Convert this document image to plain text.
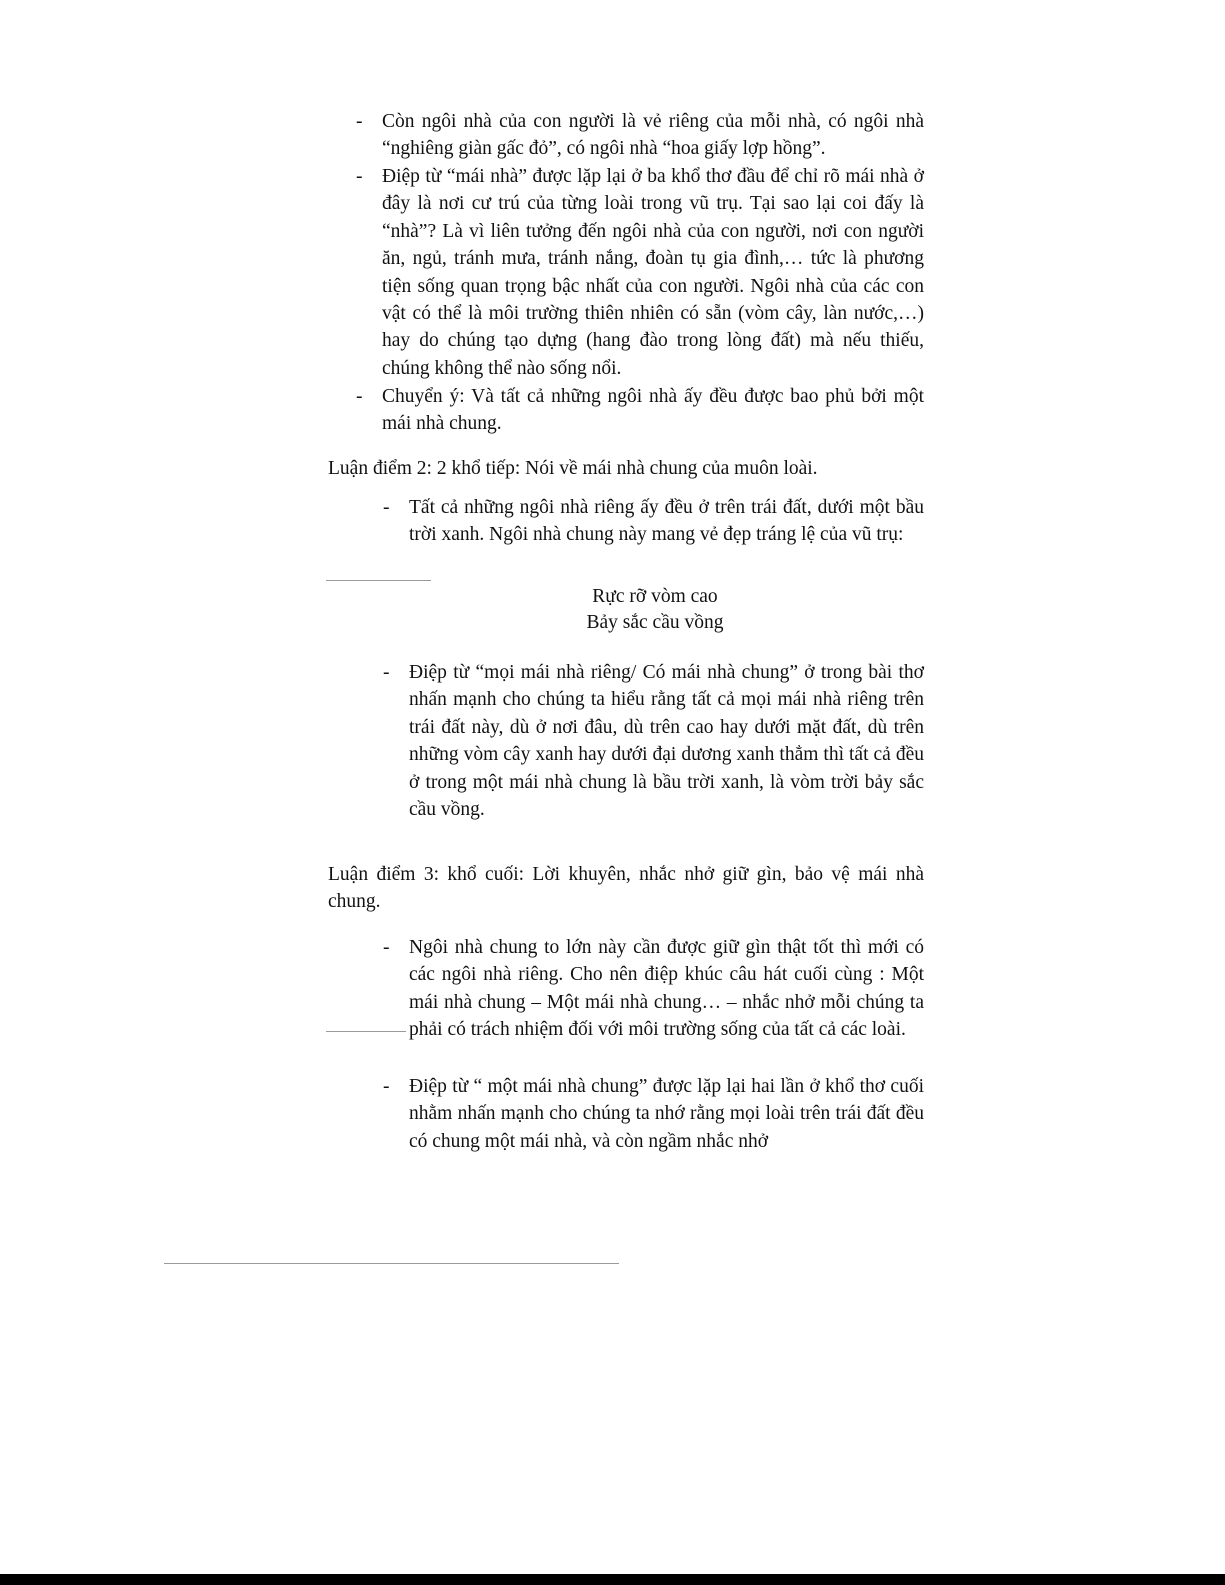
- Còn ngôi nhà của con người là vẻ riêng của mỗi nhà, có ngôi nhà “nghiêng giàn gấc đỏ”, có ngôi nhà “hoa giấy lợp hồng”.
- Điệp từ “mái nhà” được lặp lại ở ba khổ thơ đầu để chỉ rõ mái nhà ở đây là nơi cư trú của từng loài trong vũ trụ. Tại sao lại coi đấy là “nhà”? Là vì liên tưởng đến ngôi nhà của con người, nơi con người ăn, ngủ, tránh mưa, tránh nắng, đoàn tụ gia đình,… tức là phương tiện sống quan trọng bậc nhất của con người. Ngôi nhà của các con vật có thể là môi trường thiên nhiên có sẵn (vòm cây, làn nước,…) hay do chúng tạo dựng (hang đào trong lòng đất) mà nếu thiếu, chúng không thể nào sống nổi.
- Chuyển ý: Và tất cả những ngôi nhà ấy đều được bao phủ bởi một mái nhà chung.
Luận điểm 2: 2 khổ tiếp: Nói về mái nhà chung của muôn loài.
- Tất cả những ngôi nhà riêng ấy đều ở trên trái đất, dưới một bầu trời xanh. Ngôi nhà chung này mang vẻ đẹp tráng lệ của vũ trụ:
Rực rỡ vòm cao
Bảy sắc cầu vồng
- Điệp từ “mọi mái nhà riêng/ Có mái nhà chung” ở trong bài thơ nhấn mạnh cho chúng ta hiểu rằng tất cả mọi mái nhà riêng trên trái đất này, dù ở nơi đâu, dù trên cao hay dưới mặt đất, dù trên những vòm cây xanh hay dưới đại dương xanh thẳm thì tất cả đều ở trong một mái nhà chung là bầu trời xanh, là vòm trời bảy sắc cầu vồng.
Luận điểm 3: khổ cuối: Lời khuyên, nhắc nhở giữ gìn, bảo vệ mái nhà chung.
- Ngôi nhà chung to lớn này cần được giữ gìn thật tốt thì mới có các ngôi nhà riêng. Cho nên điệp khúc câu hát cuối cùng : Một mái nhà chung – Một mái nhà chung… – nhắc nhở mỗi chúng ta phải có trách nhiệm đối với môi trường sống của tất cả các loài.
- Điệp từ “ một mái nhà chung” được lặp lại hai lần ở khổ thơ cuối nhằm nhấn mạnh cho chúng ta nhớ rằng mọi loài trên trái đất đều có chung một mái nhà, và còn ngầm nhắc nhở
